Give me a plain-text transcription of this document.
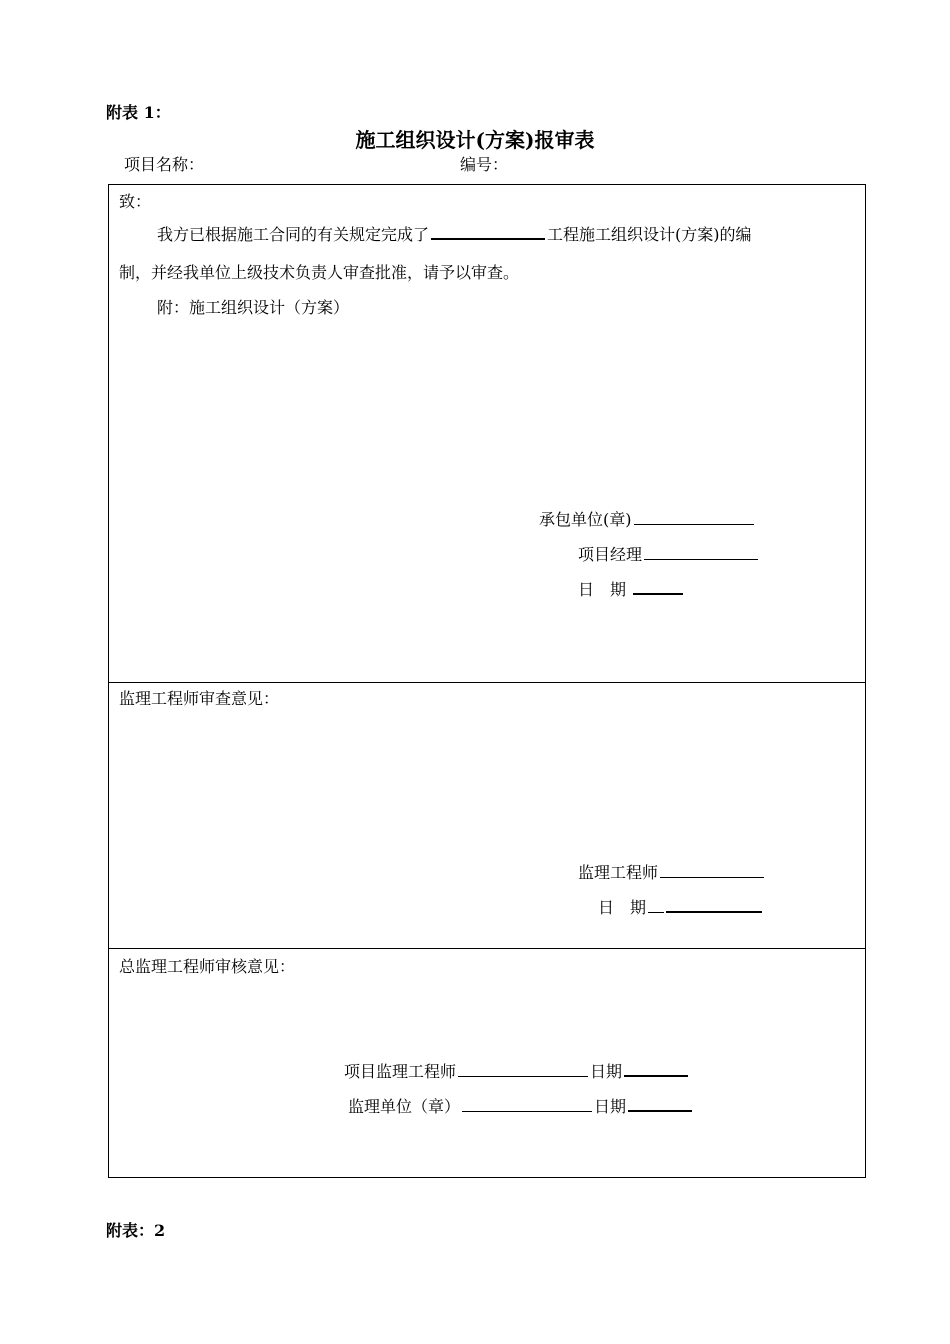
附表 1：
施工组织设计(方案)报审表
项目名称：	编号：
致：
我方已根据施工合同的有关规定完成了	工程施工组织设计(方案)的编
制，并经我单位上级技术负责人审查批准，请予以审查。
附：施工组织设计（方案）
承包单位(章)
项目经理
日　期
监理工程师审查意见：
监理工程师
日　期
总监理工程师审核意见：
项目监理工程师	日期
监理单位（章）	日期
附表：2
